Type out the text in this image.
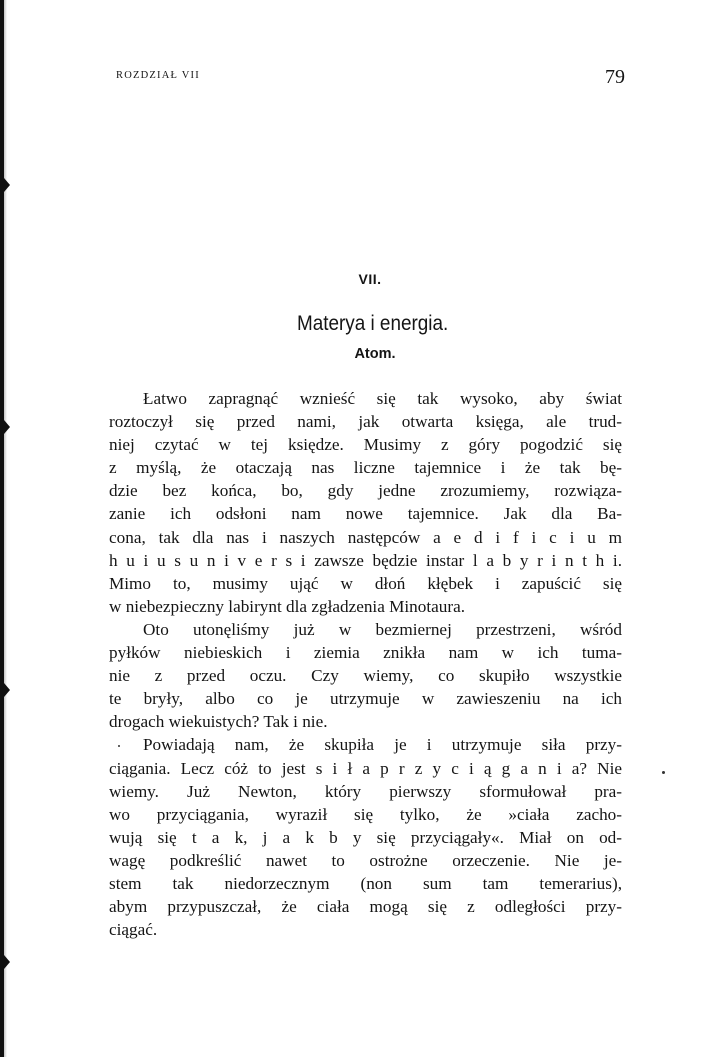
ROZDZIAŁ VII	79
VII.
Materya i energia.
Atom.
Łatwo zapragnąć wznieść się tak wysoko, aby świat
roztoczył się przed nami, jak otwarta księga, ale trud-
niej czytać w tej księdze. Musimy z góry pogodzić się
z myślą, że otaczają nas liczne tajemnice i że tak bę-
dzie bez końca, bo, gdy jedne zrozumiemy, rozwiąza-
zanie ich odsłoni nam nowe tajemnice. Jak dla Ba-
cona, tak dla nas i naszych następców a e d i f i c i u m
h u i u s u n i v e r s i zawsze będzie instar l a b y r i n t h i.
Mimo to, musimy ująć w dłoń kłębek i zapuścić się
w niebezpieczny labirynt dla zgładzenia Minotaura.
Oto utonęliśmy już w bezmiernej przestrzeni, wśród
pyłków niebieskich i ziemia znikła nam w ich tuma-
nie z przed oczu. Czy wiemy, co skupiło wszystkie
te bryły, albo co je utrzymuje w zawieszeniu na ich
drogach wiekuistych? Tak i nie.
Powiadają nam, że skupiła je i utrzymuje siła przy-
ciągania. Lecz cóż to jest s i ł a p r z y c i ą g a n i a? Nie
wiemy. Już Newton, który pierwszy sformułował pra-
wo przyciągania, wyraził się tylko, że »ciała zacho-
wują się t a k, j a k b y się przyciągały«. Miał on od-
wagę podkreślić nawet to ostrożne orzeczenie. Nie je-
stem tak niedorzecznym (non sum tam temerarius),
abym przypuszczał, że ciała mogą się z odległości przy-
ciągać.
